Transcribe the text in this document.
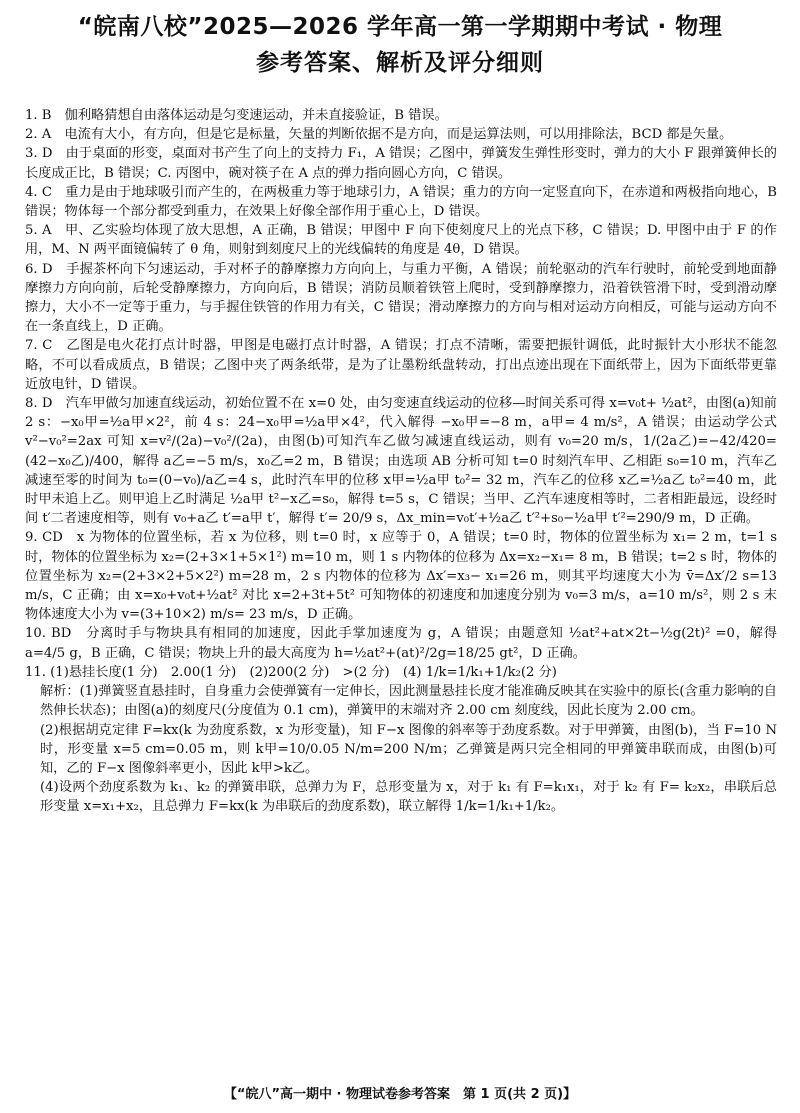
“皖南八校”2025—2026 学年高一第一学期期中考试 · 物理
参考答案、解析及评分细则

1. B　伽利略猜想自由落体运动是匀变速运动，并未直接验证，B 错误。

2. A　电流有大小，有方向，但是它是标量，矢量的判断依据不是方向，而是运算法则，可以用排除法，BCD 都是矢量。

3. D　由于桌面的形变，桌面对书产生了向上的支持力 F₁，A 错误；乙图中，弹簧发生弹性形变时，弹力的大小 F 跟弹簧伸长的长度成正比，B 错误；C. 丙图中，碗对筷子在 A 点的弹力指向圆心方向，C 错误。

4. C　重力是由于地球吸引而产生的，在两极重力等于地球引力，A 错误；重力的方向一定竖直向下，在赤道和两极指向地心，B 错误；物体每一个部分都受到重力，在效果上好像全部作用于重心上，D 错误。

5. A　甲、乙实验均体现了放大思想，A 正确，B 错误；甲图中 F 向下使刻度尺上的光点下移，C 错误；D. 甲图中由于 F 的作用，M、N 两平面镜偏转了 θ 角，则射到刻度尺上的光线偏转的角度是 4θ，D 错误。

6. D　手握茶杯向下匀速运动，手对杯子的静摩擦力方向向上，与重力平衡，A 错误；前轮驱动的汽车行驶时，前轮受到地面静摩擦力方向向前，后轮受静摩擦力，方向向后，B 错误；消防员顺着铁管上爬时，受到静摩擦力，沿着铁管滑下时，受到滑动摩擦力，大小不一定等于重力，与手握住铁管的作用力有关，C 错误；滑动摩擦力的方向与相对运动方向相反，可能与运动方向不在一条直线上，D 正确。

7. C　乙图是电火花打点计时器，甲图是电磁打点计时器，A 错误；打点不清晰，需要把振针调低，此时振针大小形状不能忽略，不可以看成质点，B 错误；乙图中夹了两条纸带，是为了让墨粉纸盘转动，打出点迹出现在下面纸带上，因为下面纸带更靠近放电针，D 错误。

8. D　汽车甲做匀加速直线运动，初始位置不在 x=0 处，由匀变速直线运动的位移—时间关系可得 x=v₀t+ ½at²，由图(a)知前 2 s：−x₀甲=½a甲×2²，前 4 s：24−x₀甲=½a甲×4²，代入解得 −x₀甲=−8 m，a甲= 4 m/s²，A 错误；由运动学公式 v²−v₀²=2ax 可知 x=v²/(2a)−v₀²/(2a)，由图(b)可知汽车乙做匀减速直线运动，则有 v₀=20 m/s，1/(2a乙)=−42/420=(42−x₀乙)/400，解得 a乙=−5 m/s，x₀乙=2 m，B 错误；由选项 AB 分析可知 t=0 时刻汽车甲、乙相距 s₀=10 m，汽车乙减速至零的时间为 t₀=(0−v₀)/a乙=4 s，此时汽车甲的位移 x甲=½a甲 t₀²= 32 m，汽车乙的位移 x乙=½a乙 t₀²=40 m，此时甲未追上乙。则甲追上乙时满足 ½a甲 t²−x乙=s₀，解得 t=5 s，C 错误；当甲、乙汽车速度相等时，二者相距最远，设经时间 t′二者速度相等，则有 v₀+a乙 t′=a甲 t′，解得 t′= 20/9 s，Δx_min=v₀t′+½a乙 t′²+s₀−½a甲 t′²=290/9 m，D 正确。

9. CD　x 为物体的位置坐标，若 x 为位移，则 t=0 时，x 应等于 0，A 错误；t=0 时，物体的位置坐标为 x₁= 2 m，t=1 s 时，物体的位置坐标为 x₂=(2+3×1+5×1²) m=10 m，则 1 s 内物体的位移为 Δx=x₂−x₁= 8 m，B 错误；t=2 s 时，物体的位置坐标为 x₂=(2+3×2+5×2²) m=28 m，2 s 内物体的位移为 Δx′=x₃− x₁=26 m，则其平均速度大小为 v̄=Δx′/2 s=13 m/s，C 正确；由 x=x₀+v₀t+½at² 对比 x=2+3t+5t² 可知物体的初速度和加速度分别为 v₀=3 m/s，a=10 m/s²，则 2 s 末物体速度大小为 v=(3+10×2) m/s= 23 m/s，D 正确。

10. BD　分离时手与物块具有相同的加速度，因此手掌加速度为 g，A 错误；由题意知 ½at²+at×2t−½g(2t)² =0，解得 a=4/5 g，B 正确，C 错误；物块上升的最大高度为 h=½at²+(at)²/2g=18/25 gt²，D 正确。

11. (1)悬挂长度(1 分)　2.00(1 分)　(2)200(2 分)　>(2 分)　(4) 1/k=1/k₁+1/k₂(2 分)

解析：(1)弹簧竖直悬挂时，自身重力会使弹簧有一定伸长，因此测量悬挂长度才能准确反映其在实验中的原长(含重力影响的自然伸长状态)；由图(a)的刻度尺(分度值为 0.1 cm)，弹簧甲的末端对齐 2.00 cm 刻度线，因此长度为 2.00 cm。

(2)根据胡克定律 F=kx(k 为劲度系数，x 为形变量)，知 F−x 图像的斜率等于劲度系数。对于甲弹簧，由图(b)，当 F=10 N 时，形变量 x=5 cm=0.05 m，则 k甲=10/0.05 N/m=200 N/m；乙弹簧是两只完全相同的甲弹簧串联而成，由图(b)可知，乙的 F−x 图像斜率更小，因此 k甲>k乙。

(4)设两个劲度系数为 k₁、k₂ 的弹簧串联，总弹力为 F，总形变量为 x，对于 k₁ 有 F=k₁x₁，对于 k₂ 有 F= k₂x₂，串联后总形变量 x=x₁+x₂，且总弹力 F=kx(k 为串联后的劲度系数)，联立解得 1/k=1/k₁+1/k₂。

【“皖八”高一期中 · 物理试卷参考答案　第 1 页(共 2 页)】
